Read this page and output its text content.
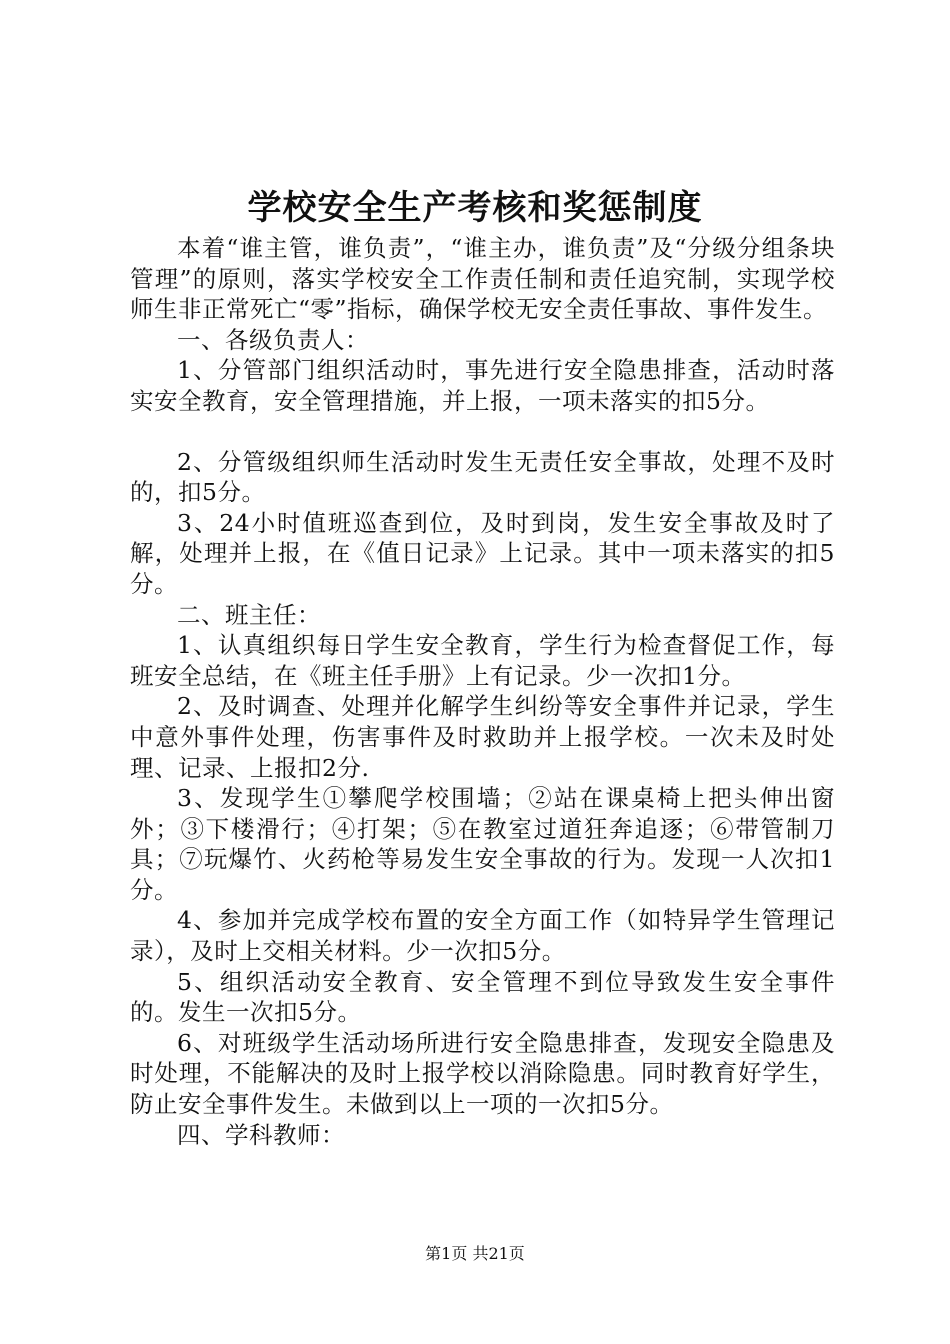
学校安全生产考核和奖惩制度

本着“谁主管，谁负责”，“谁主办，谁负责”及“分级分组条块管理”的原则，落实学校安全工作责任制和责任追究制，实现学校师生非正常死亡“零”指标，确保学校无安全责任事故、事件发生。

一、各级负责人：

1、分管部门组织活动时，事先进行安全隐患排查，活动时落实安全教育，安全管理措施，并上报，一项未落实的扣5分。

2、分管级组织师生活动时发生无责任安全事故，处理不及时的，扣5分。

3、24小时值班巡查到位，及时到岗，发生安全事故及时了解，处理并上报，在《值日记录》上记录。其中一项未落实的扣5分。

二、班主任：

1、认真组织每日学生安全教育，学生行为检查督促工作，每班安全总结，在《班主任手册》上有记录。少一次扣1分。

2、及时调查、处理并化解学生纠纷等安全事件并记录，学生中意外事件处理，伤害事件及时救助并上报学校。一次未及时处理、记录、上报扣2分.

3、发现学生①攀爬学校围墙；②站在课桌椅上把头伸出窗外；③下楼滑行；④打架；⑤在教室过道狂奔追逐；⑥带管制刀具；⑦玩爆竹、火药枪等易发生安全事故的行为。发现一人次扣1分。

4、参加并完成学校布置的安全方面工作（如特异学生管理记录），及时上交相关材料。少一次扣5分。

5、组织活动安全教育、安全管理不到位导致发生安全事件的。发生一次扣5分。

6、对班级学生活动场所进行安全隐患排查，发现安全隐患及时处理，不能解决的及时上报学校以消除隐患。同时教育好学生，防止安全事件发生。未做到以上一项的一次扣5分。

四、学科教师：

第1页 共21页
